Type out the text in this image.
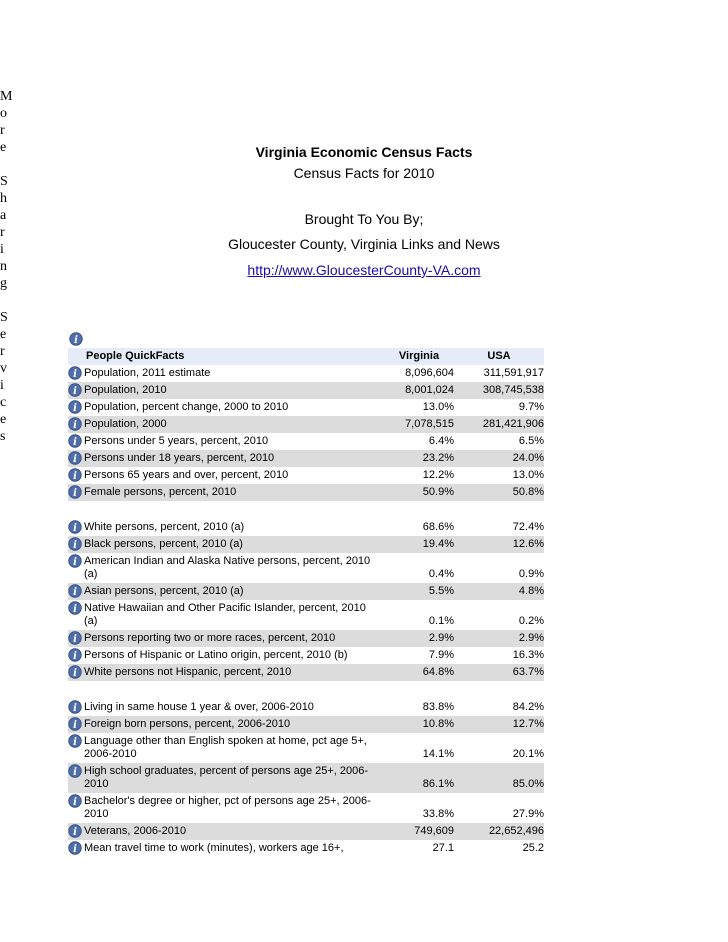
M
o
r
e
S
h
a
r
i
n
g
S
e
r
v
i
c
e
s
Virginia Economic Census Facts
Census Facts for 2010
Brought To You By;
Gloucester County, Virginia Links and News
http://www.GloucesterCounty-VA.com
i
People QuickFacts	Virginia	USA
i Population, 2011 estimate	8,096,604	311,591,917
i Population, 2010	8,001,024	308,745,538
i Population, percent change, 2000 to 2010	13.0%	9.7%
i Population, 2000	7,078,515	281,421,906
i Persons under 5 years, percent, 2010	6.4%	6.5%
i Persons under 18 years, percent, 2010	23.2%	24.0%
i Persons 65 years and over, percent, 2010	12.2%	13.0%
i Female persons, percent, 2010	50.9%	50.8%
i White persons, percent, 2010 (a)	68.6%	72.4%
i Black persons, percent, 2010 (a)	19.4%	12.6%
i American Indian and Alaska Native persons, percent, 2010 (a)	0.4%	0.9%
i Asian persons, percent, 2010 (a)	5.5%	4.8%
i Native Hawaiian and Other Pacific Islander, percent, 2010 (a)	0.1%	0.2%
i Persons reporting two or more races, percent, 2010	2.9%	2.9%
i Persons of Hispanic or Latino origin, percent, 2010 (b)	7.9%	16.3%
i White persons not Hispanic, percent, 2010	64.8%	63.7%
i Living in same house 1 year & over, 2006-2010	83.8%	84.2%
i Foreign born persons, percent, 2006-2010	10.8%	12.7%
i Language other than English spoken at home, pct age 5+, 2006-2010	14.1%	20.1%
i High school graduates, percent of persons age 25+, 2006-2010	86.1%	85.0%
i Bachelor's degree or higher, pct of persons age 25+, 2006-2010	33.8%	27.9%
i Veterans, 2006-2010	749,609	22,652,496
i Mean travel time to work (minutes), workers age 16+,	27.1	25.2
